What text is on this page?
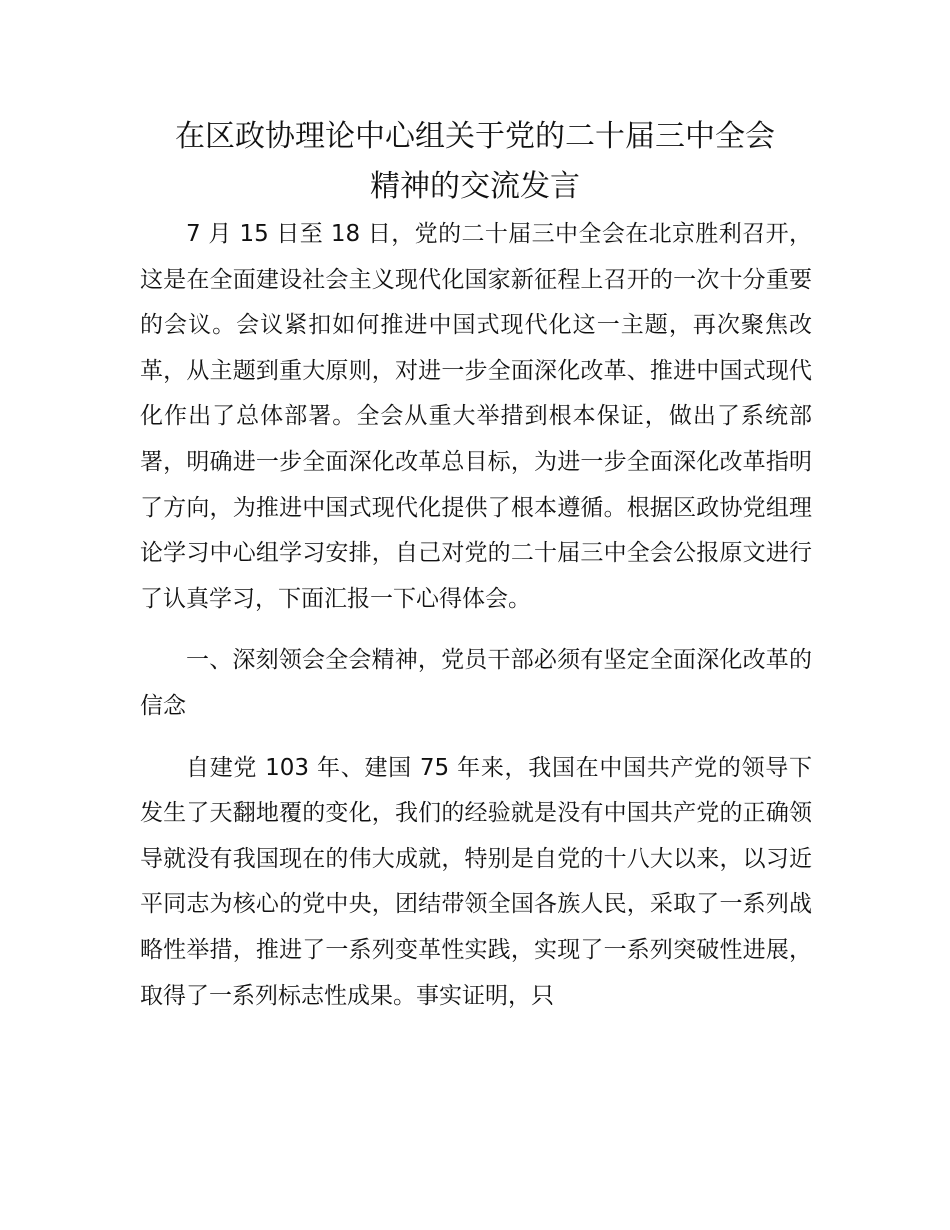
在区政协理论中心组关于党的二十届三中全会
精神的交流发言

7 月 15 日至 18 日，党的二十届三中全会在北京胜利召开，这是在全面建设社会主义现代化国家新征程上召开的一次十分重要的会议。会议紧扣如何推进中国式现代化这一主题，再次聚焦改革，从主题到重大原则，对进一步全面深化改革、推进中国式现代化作出了总体部署。全会从重大举措到根本保证，做出了系统部署，明确进一步全面深化改革总目标，为进一步全面深化改革指明了方向，为推进中国式现代化提供了根本遵循。根据区政协党组理论学习中心组学习安排，自己对党的二十届三中全会公报原文进行了认真学习，下面汇报一下心得体会。

一、深刻领会全会精神，党员干部必须有坚定全面深化改革的信念

自建党 103 年、建国 75 年来，我国在中国共产党的领导下发生了天翻地覆的变化，我们的经验就是没有中国共产党的正确领导就没有我国现在的伟大成就，特别是自党的十八大以来，以习近平同志为核心的党中央，团结带领全国各族人民，采取了一系列战略性举措，推进了一系列变革性实践，实现了一系列突破性进展，取得了一系列标志性成果。事实证明，只
